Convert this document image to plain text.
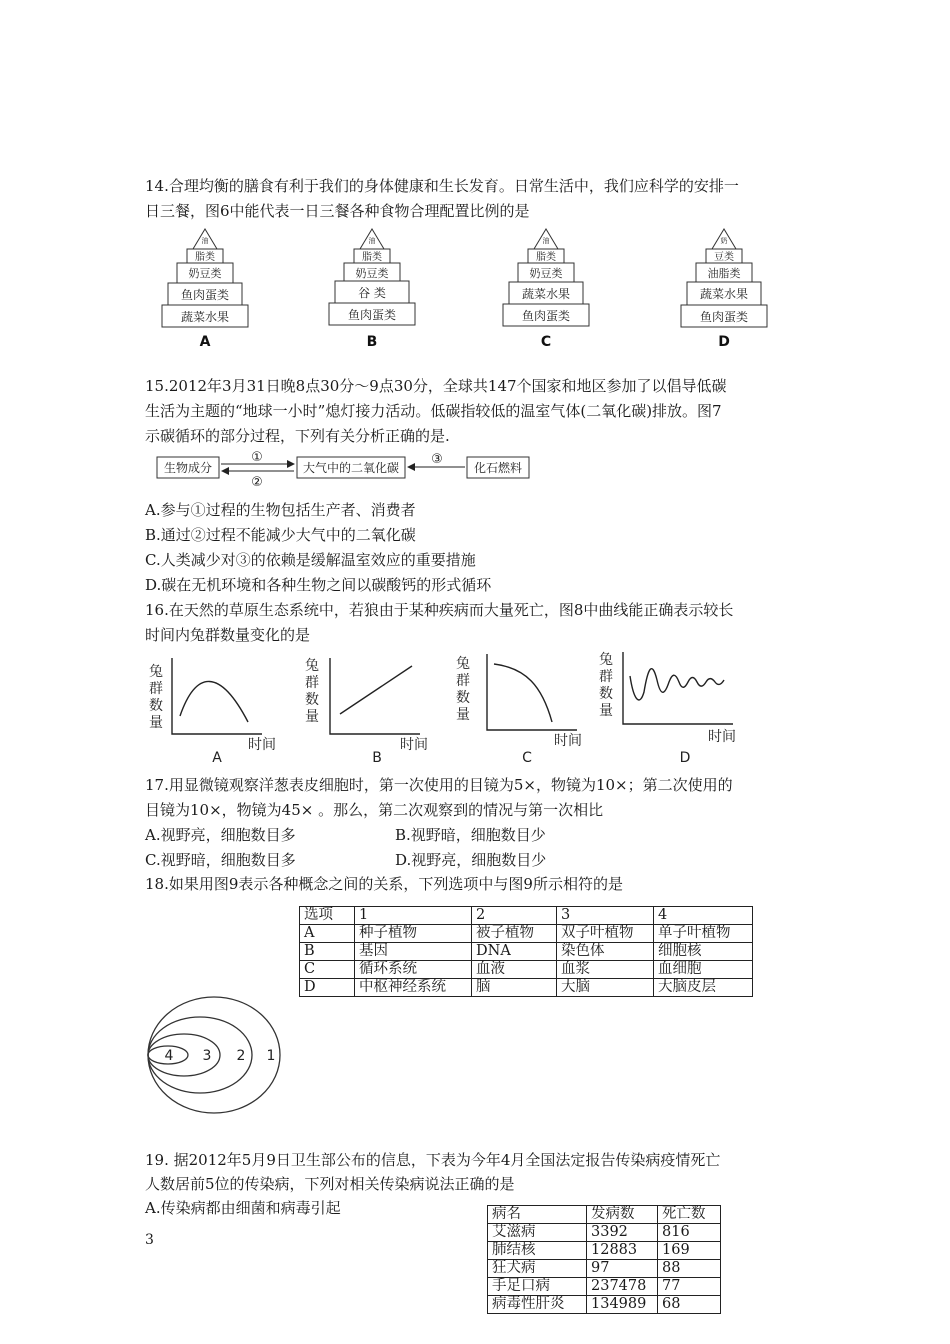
14.合理均衡的膳食有利于我们的身体健康和生长发育。日常生活中，我们应科学的安排一
日三餐，图6中能代表一日三餐各种食物合理配置比例的是
油
脂类
奶豆类
鱼肉蛋类
蔬菜水果
油
脂类
奶豆类
谷 类
鱼肉蛋类
油
脂类
奶豆类
蔬菜水果
鱼肉蛋类
奶
豆类
油脂类
蔬菜水果
鱼肉蛋类
A	B	C	D
15.2012年3月31日晚8点30分～9点30分，全球共147个国家和地区参加了以倡导低碳
生活为主题的“地球一小时”熄灯接力活动。低碳指较低的温室气体(二氧化碳)排放。图7
示碳循环的部分过程，下列有关分析正确的是.
生物成分	大气中的二氧化碳	化石燃料
①
②
③
A.参与①过程的生物包括生产者、消费者
B.通过②过程不能减少大气中的二氧化碳
C.人类减少对③的依赖是缓解温室效应的重要措施
D.碳在无机环境和各种生物之间以碳酸钙的形式循环
16.在天然的草原生态系统中，若狼由于某种疾病而大量死亡，图8中曲线能正确表示较长
时间内兔群数量变化的是
兔
群
数
量
兔
群
数
量
兔
群
数
量
兔
群
数
量
时间	时间	时间	时间
A	B	C	D
17.用显微镜观察洋葱表皮细胞时，第一次使用的目镜为5×，物镜为10×；第二次使用的
目镜为10×，物镜为45× 。那么，第二次观察到的情况与第一次相比
A.视野亮，细胞数目多	B.视野暗，细胞数目少
C.视野暗，细胞数目多	D.视野亮，细胞数目少
18.如果用图9表示各种概念之间的关系，下列选项中与图9所示相符的是
选项	1	2	3	4
A	种子植物	被子植物	双子叶植物	单子叶植物
B	基因	DNA	染色体	细胞核
C	循环系统	血液	血浆	血细胞
D	中枢神经系统	脑	大脑	大脑皮层
4 3 2 1
19. 据2012年5月9日卫生部公布的信息，下表为今年4月全国法定报告传染病疫情死亡
人数居前5位的传染病，下列对相关传染病说法正确的是
A.传染病都由细菌和病毒引起	病名	发病数	死亡数
艾滋病	3392	816
肺结核	12883	169
狂犬病	97	88
手足口病	237478	77
病毒性肝炎	134989	68
3
